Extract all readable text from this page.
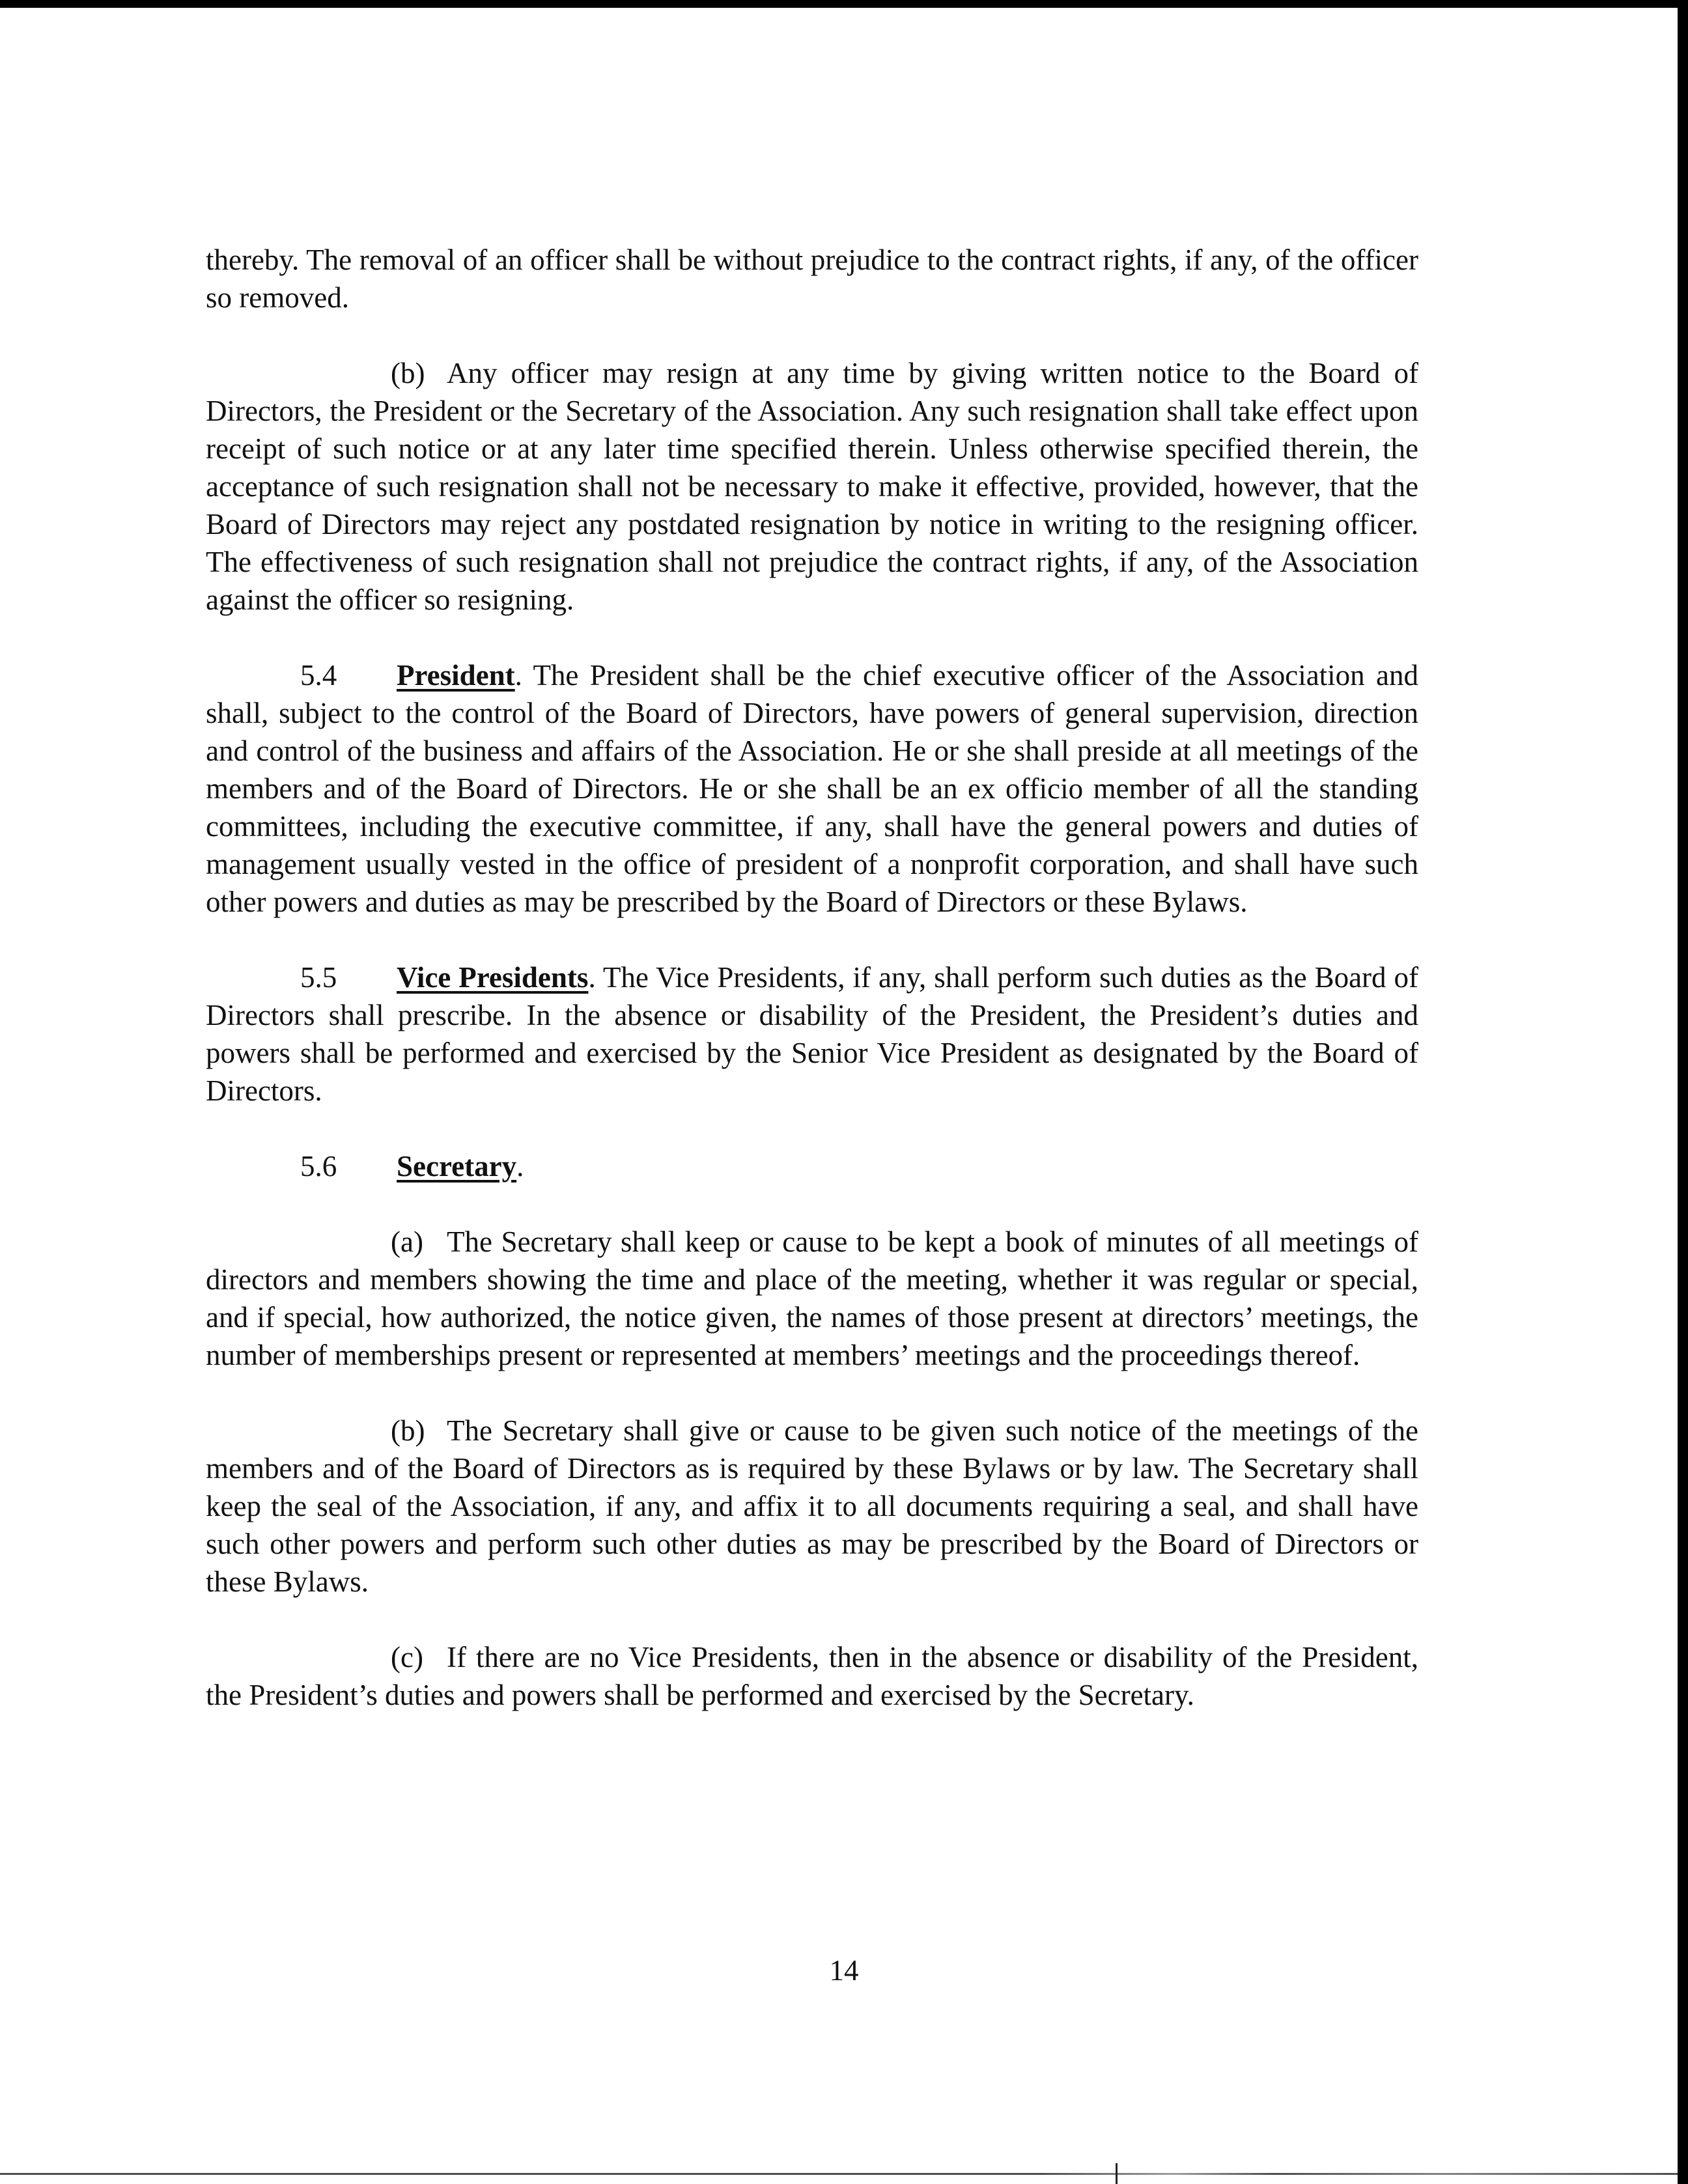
thereby. The removal of an officer shall be without prejudice to the contract rights, if any, of the officer so removed.

(b) Any officer may resign at any time by giving written notice to the Board of Directors, the President or the Secretary of the Association. Any such resignation shall take effect upon receipt of such notice or at any later time specified therein. Unless otherwise specified therein, the acceptance of such resignation shall not be necessary to make it effective, provided, however, that the Board of Directors may reject any postdated resignation by notice in writing to the resigning officer. The effectiveness of such resignation shall not prejudice the contract rights, if any, of the Association against the officer so resigning.

5.4 President. The President shall be the chief executive officer of the Association and shall, subject to the control of the Board of Directors, have powers of general supervision, direction and control of the business and affairs of the Association. He or she shall preside at all meetings of the members and of the Board of Directors. He or she shall be an ex officio member of all the standing committees, including the executive committee, if any, shall have the general powers and duties of management usually vested in the office of president of a nonprofit corporation, and shall have such other powers and duties as may be prescribed by the Board of Directors or these Bylaws.

5.5 Vice Presidents. The Vice Presidents, if any, shall perform such duties as the Board of Directors shall prescribe. In the absence or disability of the President, the President’s duties and powers shall be performed and exercised by the Senior Vice President as designated by the Board of Directors.

5.6 Secretary.

(a) The Secretary shall keep or cause to be kept a book of minutes of all meetings of directors and members showing the time and place of the meeting, whether it was regular or special, and if special, how authorized, the notice given, the names of those present at directors’ meetings, the number of memberships present or represented at members’ meetings and the proceedings thereof.

(b) The Secretary shall give or cause to be given such notice of the meetings of the members and of the Board of Directors as is required by these Bylaws or by law. The Secretary shall keep the seal of the Association, if any, and affix it to all documents requiring a seal, and shall have such other powers and perform such other duties as may be prescribed by the Board of Directors or these Bylaws.

(c) If there are no Vice Presidents, then in the absence or disability of the President, the President’s duties and powers shall be performed and exercised by the Secretary.

14
